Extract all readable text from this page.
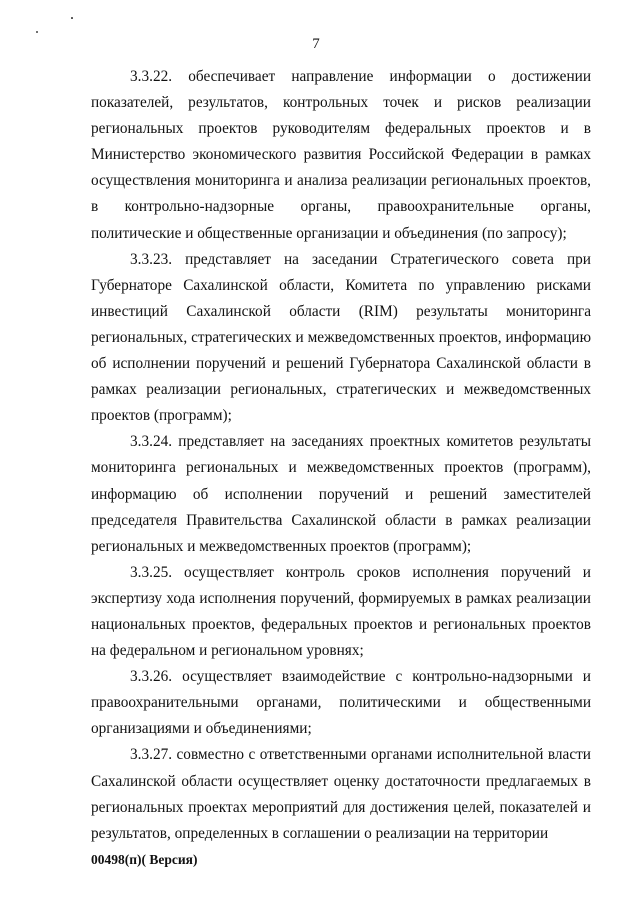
7

3.3.22. обеспечивает направление информации о достижении показателей, результатов, контрольных точек и рисков реализации региональных проектов руководителям федеральных проектов и в Министерство экономического развития Российской Федерации в рамках осуществления мониторинга и анализа реализации региональных проектов, в контрольно-надзорные органы, правоохранительные органы, политические и общественные организации и объединения (по запросу);

3.3.23. представляет на заседании Стратегического совета при Губернаторе Сахалинской области, Комитета по управлению рисками инвестиций Сахалинской области (RIM) результаты мониторинга региональных, стратегических и межведомственных проектов, информацию об исполнении поручений и решений Губернатора Сахалинской области в рамках реализации региональных, стратегических и межведомственных проектов (программ);

3.3.24. представляет на заседаниях проектных комитетов результаты мониторинга региональных и межведомственных проектов (программ), информацию об исполнении поручений и решений заместителей председателя Правительства Сахалинской области в рамках реализации региональных и межведомственных проектов (программ);

3.3.25. осуществляет контроль сроков исполнения поручений и экспертизу хода исполнения поручений, формируемых в рамках реализации национальных проектов, федеральных проектов и региональных проектов на федеральном и региональном уровнях;

3.3.26. осуществляет взаимодействие с контрольно-надзорными и правоохранительными органами, политическими и общественными организациями и объединениями;

3.3.27. совместно с ответственными органами исполнительной власти Сахалинской области осуществляет оценку достаточности предлагаемых в региональных проектах мероприятий для достижения целей, показателей и результатов, определенных в соглашении о реализации на территории

00498(п)( Версия)
